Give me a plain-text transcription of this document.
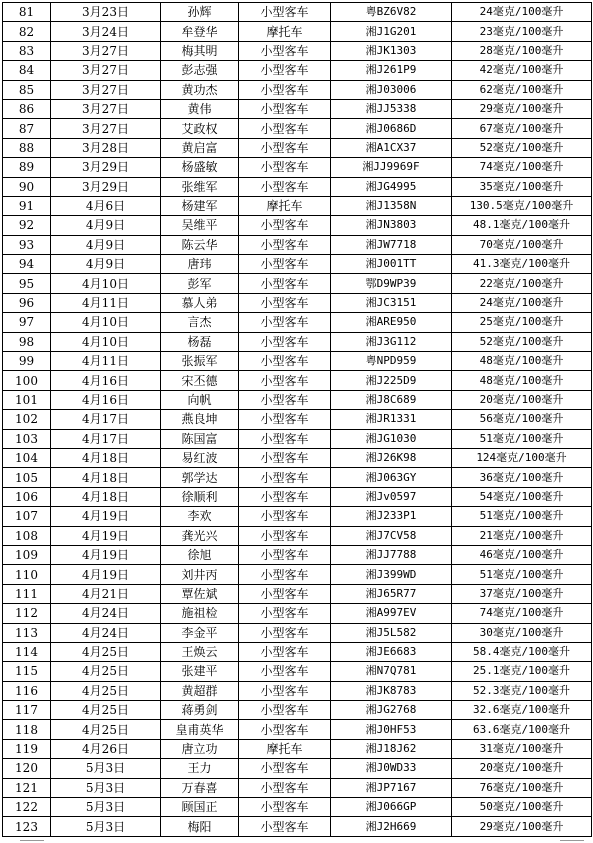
81	3月23日	孙辉	小型客车	粤BZ6V82	24毫克/100毫升
82	3月24日	牟登华	摩托车	湘J1G201	23毫克/100毫升
83	3月27日	梅其明	小型客车	湘JK1303	28毫克/100毫升
84	3月27日	彭志强	小型客车	湘J261P9	42毫克/100毫升
85	3月27日	黄功杰	小型客车	湘J03006	62毫克/100毫升
86	3月27日	黄伟	小型客车	湘JJ5338	29毫克/100毫升
87	3月27日	艾政权	小型客车	湘J0686D	67毫克/100毫升
88	3月28日	黄启富	小型客车	湘A1CX37	52毫克/100毫升
89	3月29日	杨盛敏	小型客车	湘JJ9969F	74毫克/100毫升
90	3月29日	张维军	小型客车	湘JG4995	35毫克/100毫升
91	4月6日	杨建军	摩托车	湘J1358N	130.5毫克/100毫升
92	4月9日	吴维平	小型客车	湘JN3803	48.1毫克/100毫升
93	4月9日	陈云华	小型客车	湘JW7718	70毫克/100毫升
94	4月9日	唐玮	小型客车	湘J001TT	41.3毫克/100毫升
95	4月10日	彭军	小型客车	鄂D9WP39	22毫克/100毫升
96	4月11日	慕人弟	小型客车	湘JC3151	24毫克/100毫升
97	4月10日	言杰	小型客车	湘ARE950	25毫克/100毫升
98	4月10日	杨磊	小型客车	湘J3G112	52毫克/100毫升
99	4月11日	张振军	小型客车	粤NPD959	48毫克/100毫升
100	4月16日	宋丕德	小型客车	湘J225D9	48毫克/100毫升
101	4月16日	向帆	小型客车	湘J8C689	20毫克/100毫升
102	4月17日	燕良坤	小型客车	湘JR1331	56毫克/100毫升
103	4月17日	陈国富	小型客车	湘JG1030	51毫克/100毫升
104	4月18日	易红波	小型客车	湘J26K98	124毫克/100毫升
105	4月18日	郭学达	小型客车	湘J063GY	36毫克/100毫升
106	4月18日	徐顺利	小型客车	湘Jv0597	54毫克/100毫升
107	4月19日	李欢	小型客车	湘J233P1	51毫克/100毫升
108	4月19日	龚光兴	小型客车	湘J7CV58	21毫克/100毫升
109	4月19日	徐旭	小型客车	湘JJ7788	46毫克/100毫升
110	4月19日	刘井丙	小型客车	湘J399WD	51毫克/100毫升
111	4月21日	覃佐斌	小型客车	湘J65R77	37毫克/100毫升
112	4月24日	施祖检	小型客车	湘A997EV	74毫克/100毫升
113	4月24日	李金平	小型客车	湘J5L582	30毫克/100毫升
114	4月25日	王焕云	小型客车	湘JE6683	58.4毫克/100毫升
115	4月25日	张建平	小型客车	湘N7Q781	25.1毫克/100毫升
116	4月25日	黄超群	小型客车	湘JK8783	52.3毫克/100毫升
117	4月25日	蒋勇剑	小型客车	湘JG2768	32.6毫克/100毫升
118	4月25日	皇甫英华	小型客车	湘J0HF53	63.6毫克/100毫升
119	4月26日	唐立功	摩托车	湘J18J62	31毫克/100毫升
120	5月3日	王力	小型客车	湘J0WD33	20毫克/100毫升
121	5月3日	万春喜	小型客车	湘JP7167	76毫克/100毫升
122	5月3日	顾国正	小型客车	湘J066GP	50毫克/100毫升
123	5月3日	梅阳	小型客车	湘J2H669	29毫克/100毫升
